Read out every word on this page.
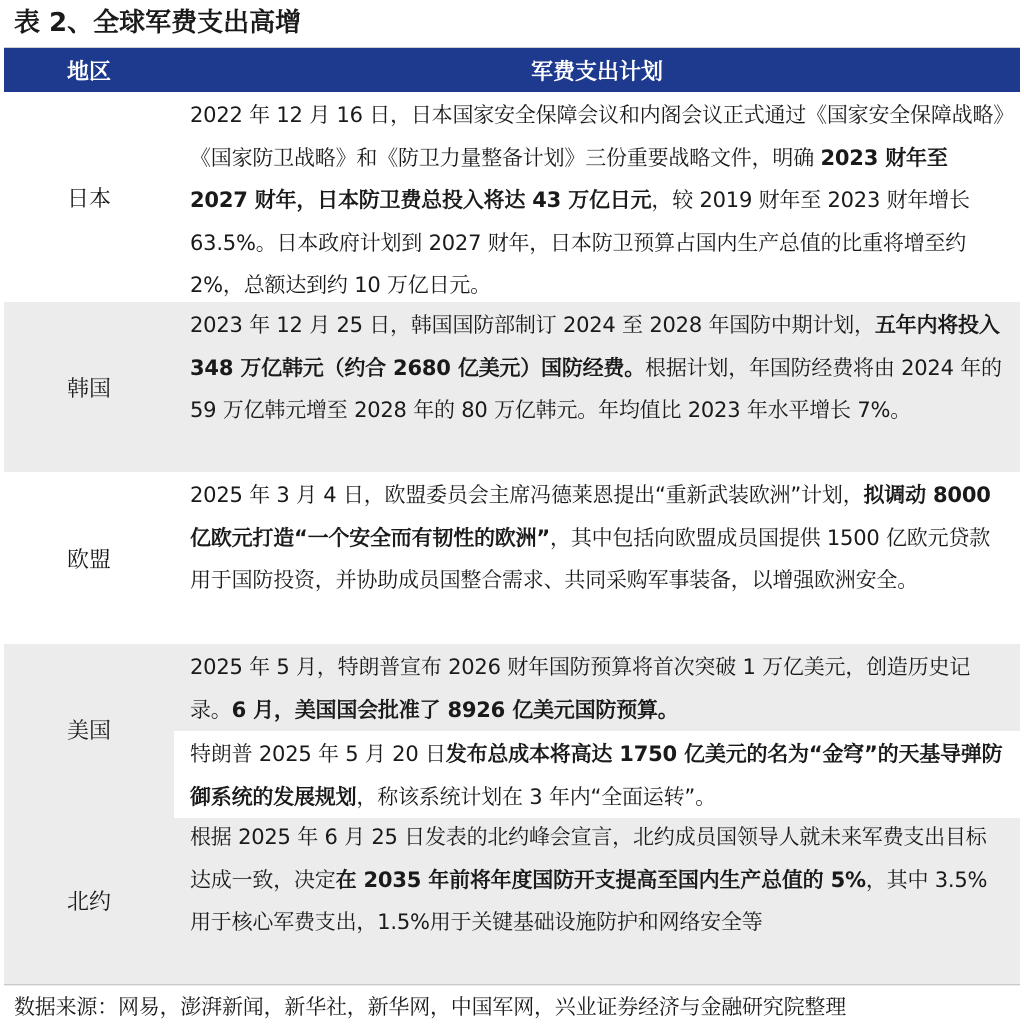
表 2、全球军费支出高增
地区	军费支出计划
日本
2022 年 12 月 16 日，日本国家安全保障会议和内阁会议正式通过《国家安全保障战略》《国家防卫战略》和《防卫力量整备计划》三份重要战略文件，明确 2023 财年至 2027 财年，日本防卫费总投入将达 43 万亿日元，较 2019 财年至 2023 财年增长 63.5%。日本政府计划到 2027 财年，日本防卫预算占国内生产总值的比重将增至约 2%，总额达到约 10 万亿日元。
韩国
2023 年 12 月 25 日，韩国国防部制订 2024 至 2028 年国防中期计划，五年内将投入 348 万亿韩元（约合 2680 亿美元）国防经费。根据计划，年国防经费将由 2024 年的 59 万亿韩元增至 2028 年的 80 万亿韩元。年均值比 2023 年水平增长 7%。
欧盟
2025 年 3 月 4 日，欧盟委员会主席冯德莱恩提出“重新武装欧洲”计划，拟调动 8000 亿欧元打造“一个安全而有韧性的欧洲”，其中包括向欧盟成员国提供 1500 亿欧元贷款用于国防投资，并协助成员国整合需求、共同采购军事装备，以增强欧洲安全。
美国
2025 年 5 月，特朗普宣布 2026 财年国防预算将首次突破 1 万亿美元，创造历史记录。6 月，美国国会批准了 8926 亿美元国防预算。
特朗普 2025 年 5 月 20 日发布总成本将高达 1750 亿美元的名为“金穹”的天基导弹防御系统的发展规划，称该系统计划在 3 年内“全面运转”。
北约
根据 2025 年 6 月 25 日发表的北约峰会宣言，北约成员国领导人就未来军费支出目标达成一致，决定在 2035 年前将年度国防开支提高至国内生产总值的 5%，其中 3.5%用于核心军费支出，1.5%用于关键基础设施防护和网络安全等
数据来源：网易，澎湃新闻，新华社，新华网，中国军网，兴业证券经济与金融研究院整理
